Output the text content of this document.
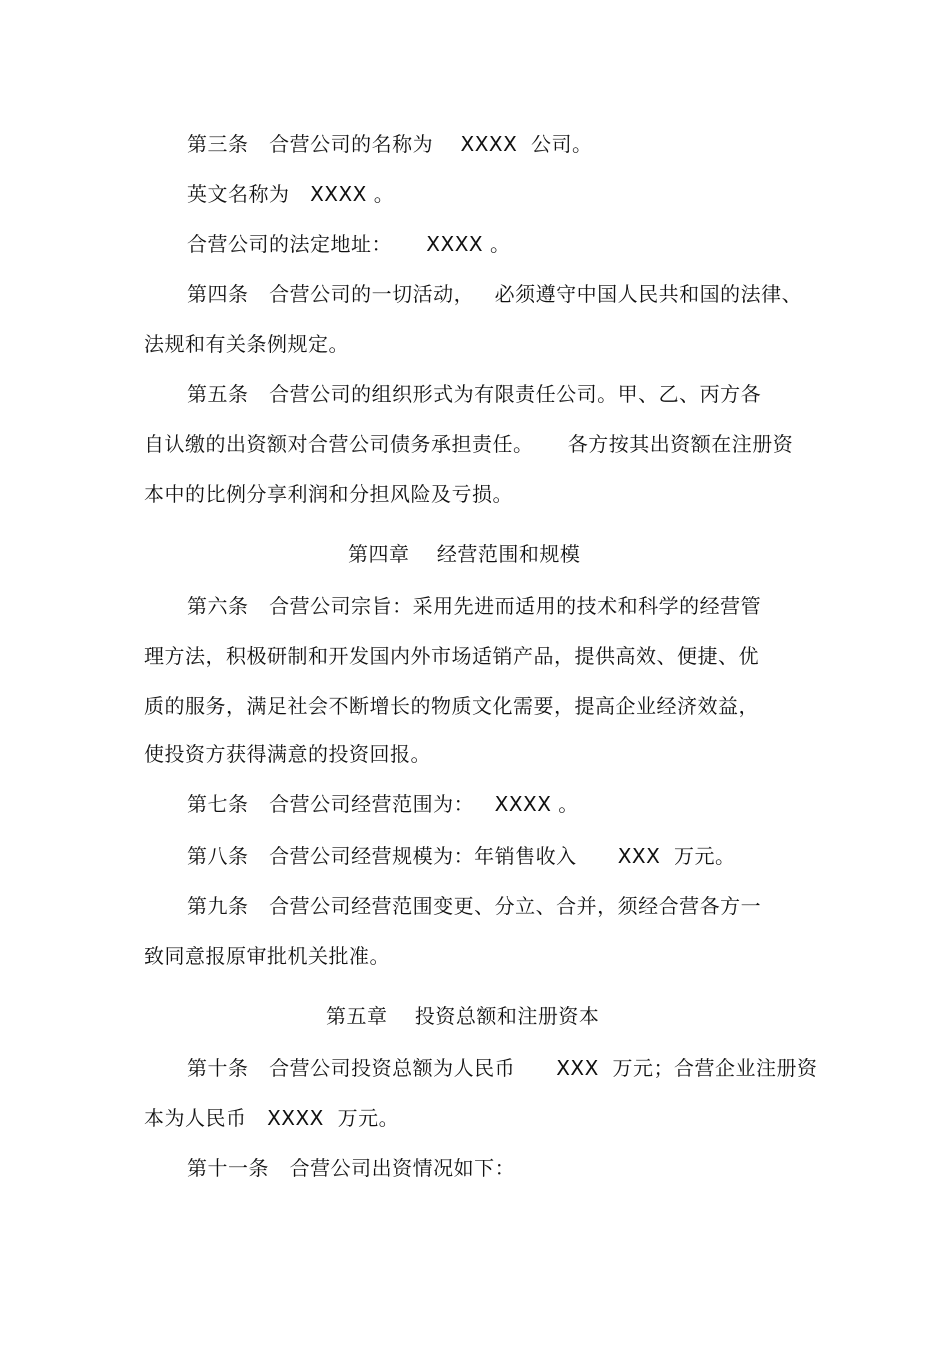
第三条   合营公司的名称为    XXXX  公司。
英文名称为   XXXX 。
合营公司的法定地址：     XXXX 。
第四条   合营公司的一切活动，   必须遵守中国人民共和国的法律、
法规和有关条例规定。
第五条   合营公司的组织形式为有限责任公司。甲、乙、丙方各
自认缴的出资额对合营公司债务承担责任。     各方按其出资额在注册资
本中的比例分享利润和分担风险及亏损。
第四章    经营范围和规模
第六条   合营公司宗旨：采用先进而适用的技术和科学的经营管
理方法，积极研制和开发国内外市场适销产品，提供高效、便捷、优
质的服务，满足社会不断增长的物质文化需要，提高企业经济效益，
使投资方获得满意的投资回报。
第七条   合营公司经营范围为：   XXXX 。
第八条   合营公司经营规模为：年销售收入      XXX  万元。
第九条   合营公司经营范围变更、分立、合并，须经合营各方一
致同意报原审批机关批准。
第五章    投资总额和注册资本
第十条   合营公司投资总额为人民币      XXX  万元；合营企业注册资
本为人民币   XXXX  万元。
第十一条   合营公司出资情况如下：
